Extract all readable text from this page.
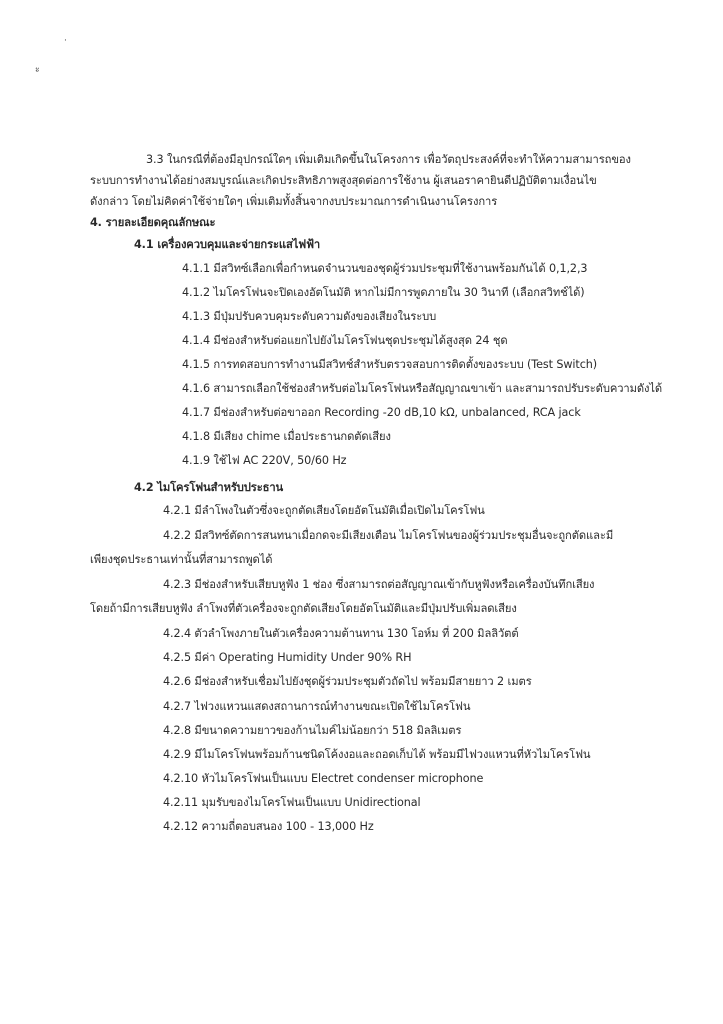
·
ะ
3.3 ในกรณีที่ต้องมีอุปกรณ์ใดๆ เพิ่มเติมเกิดขึ้นในโครงการ เพื่อวัตถุประสงค์ที่จะทำให้ความสามารถของ
ระบบการทำงานได้อย่างสมบูรณ์และเกิดประสิทธิภาพสูงสุดต่อการใช้งาน ผู้เสนอราคายินดีปฏิบัติตามเงื่อนไข
ดังกล่าว โดยไม่คิดค่าใช้จ่ายใดๆ เพิ่มเติมทั้งสิ้นจากงบประมาณการดำเนินงานโครงการ
4. รายละเอียดคุณลักษณะ
4.1 เครื่องควบคุมและจ่ายกระแสไฟฟ้า
4.1.1 มีสวิทซ์เลือกเพื่อกำหนดจำนวนของชุดผู้ร่วมประชุมที่ใช้งานพร้อมกันได้ 0,1,2,3
4.1.2 ไมโครโฟนจะปิดเองอัตโนมัติ หากไม่มีการพูดภายใน 30 วินาที (เลือกสวิทช์ได้)
4.1.3 มีปุ่มปรับควบคุมระดับความดังของเสียงในระบบ
4.1.4 มีช่องสำหรับต่อแยกไปยังไมโครโฟนชุดประชุมได้สูงสุด 24 ชุด
4.1.5 การทดสอบการทำงานมีสวิทช์สำหรับตรวจสอบการติดตั้งของระบบ (Test Switch)
4.1.6 สามารถเลือกใช้ช่องสำหรับต่อไมโครโฟนหรือสัญญาณขาเข้า และสามารถปรับระดับความดังได้
4.1.7 มีช่องสำหรับต่อขาออก Recording -20 dB,10 kΩ, unbalanced, RCA jack
4.1.8 มีเสียง chime เมื่อประธานกดตัดเสียง
4.1.9 ใช้ไฟ AC 220V, 50/60 Hz
4.2 ไมโครโฟนสำหรับประธาน
4.2.1 มีลำโพงในตัวซึ่งจะถูกตัดเสียงโดยอัตโนมัติเมื่อเปิดไมโครโฟน
4.2.2 มีสวิทซ์ตัดการสนทนาเมื่อกดจะมีเสียงเตือน ไมโครโฟนของผู้ร่วมประชุมอื่นจะถูกตัดและมี
เพียงชุดประธานเท่านั้นที่สามารถพูดได้
4.2.3 มีช่องสำหรับเสียบหูฟัง 1 ช่อง ซึ่งสามารถต่อสัญญาณเข้ากับหูฟังหรือเครื่องบันทึกเสียง
โดยถ้ามีการเสียบหูฟัง ลำโพงที่ตัวเครื่องจะถูกตัดเสียงโดยอัตโนมัติและมีปุ่มปรับเพิ่มลดเสียง
4.2.4 ตัวลำโพงภายในตัวเครื่องความต้านทาน 130 โอห์ม ที่ 200 มิลลิวัตต์
4.2.5 มีค่า Operating Humidity Under 90% RH
4.2.6 มีช่องสำหรับเชื่อมไปยังชุดผู้ร่วมประชุมตัวถัดไป พร้อมมีสายยาว 2 เมตร
4.2.7 ไฟวงแหวนแสดงสถานการณ์ทำงานขณะเปิดใช้ไมโครโฟน
4.2.8 มีขนาดความยาวของก้านไมค์ไม่น้อยกว่า 518 มิลลิเมตร
4.2.9 มีไมโครโฟนพร้อมก้านชนิดโค้งงอและถอดเก็บได้ พร้อมมีไฟวงแหวนที่หัวไมโครโฟน
4.2.10 หัวไมโครโฟนเป็นแบบ Electret condenser microphone
4.2.11 มุมรับของไมโครโฟนเป็นแบบ Unidirectional
4.2.12 ความถี่ตอบสนอง 100 - 13,000 Hz
